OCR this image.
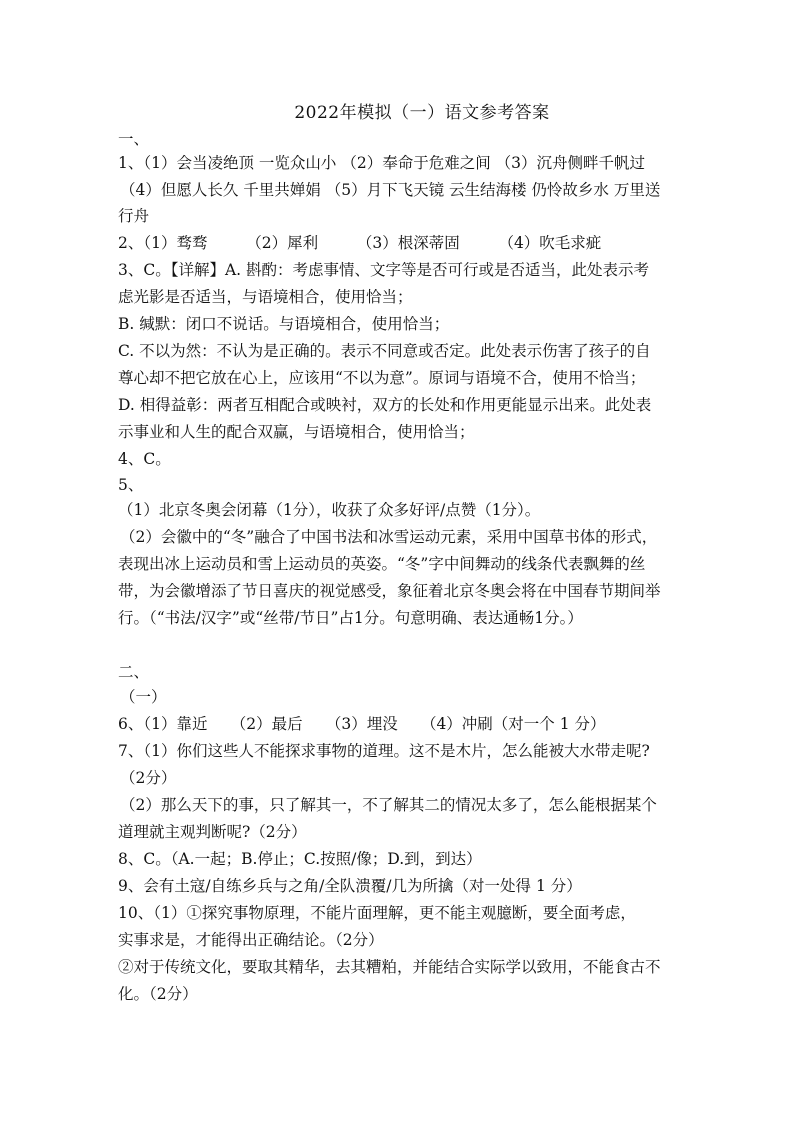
2022年模拟（一）语文参考答案
一、
1、（1）会当凌绝顶 一览众山小 （2）奉命于危难之间 （3）沉舟侧畔千帆过
（4）但愿人长久 千里共婵娟 （5）月下飞天镜 云生结海楼 仍怜故乡水 万里送
行舟
2、（1）骛骛　　　（2）犀利　　　（3）根深蒂固　　　（4）吹毛求疵
3、C。【详解】A. 斟酌：考虑事情、文字等是否可行或是否适当，此处表示考
虑光影是否适当，与语境相合，使用恰当；
B. 缄默：闭口不说话。与语境相合，使用恰当；
C. 不以为然：不认为是正确的。表示不同意或否定。此处表示伤害了孩子的自
尊心却不把它放在心上，应该用“不以为意”。原词与语境不合，使用不恰当；
D. 相得益彰：两者互相配合或映衬，双方的长处和作用更能显示出来。此处表
示事业和人生的配合双赢，与语境相合，使用恰当；
4、C。
5、
（1）北京冬奥会闭幕（1分），收获了众多好评/点赞（1分）。
（2）会徽中的“冬”融合了中国书法和冰雪运动元素，采用中国草书体的形式，
表现出冰上运动员和雪上运动员的英姿。“冬”字中间舞动的线条代表飘舞的丝
带，为会徽增添了节日喜庆的视觉感受，象征着北京冬奥会将在中国春节期间举
行。（“书法/汉字”或“丝带/节日”占1分。句意明确、表达通畅1分。）
二、
（一）
6、（1）靠近　　（2）最后　　（3）埋没　　（4）冲刷（对一个 1 分）
7、（1）你们这些人不能探求事物的道理。这不是木片，怎么能被大水带走呢?
（2分）
（2）那么天下的事，只了解其一，不了解其二的情况太多了，怎么能根据某个
道理就主观判断呢?（2分）
8、C。（A.一起；B.停止；C.按照/像；D.到，到达）
9、会有土寇/自练乡兵与之角/全队溃覆/几为所擒（对一处得 1 分）
10、（1）①探究事物原理，不能片面理解，更不能主观臆断，要全面考虑，
实事求是，才能得出正确结论。（2分）
②对于传统文化，要取其精华，去其糟粕，并能结合实际学以致用，不能食古不
化。（2分）
